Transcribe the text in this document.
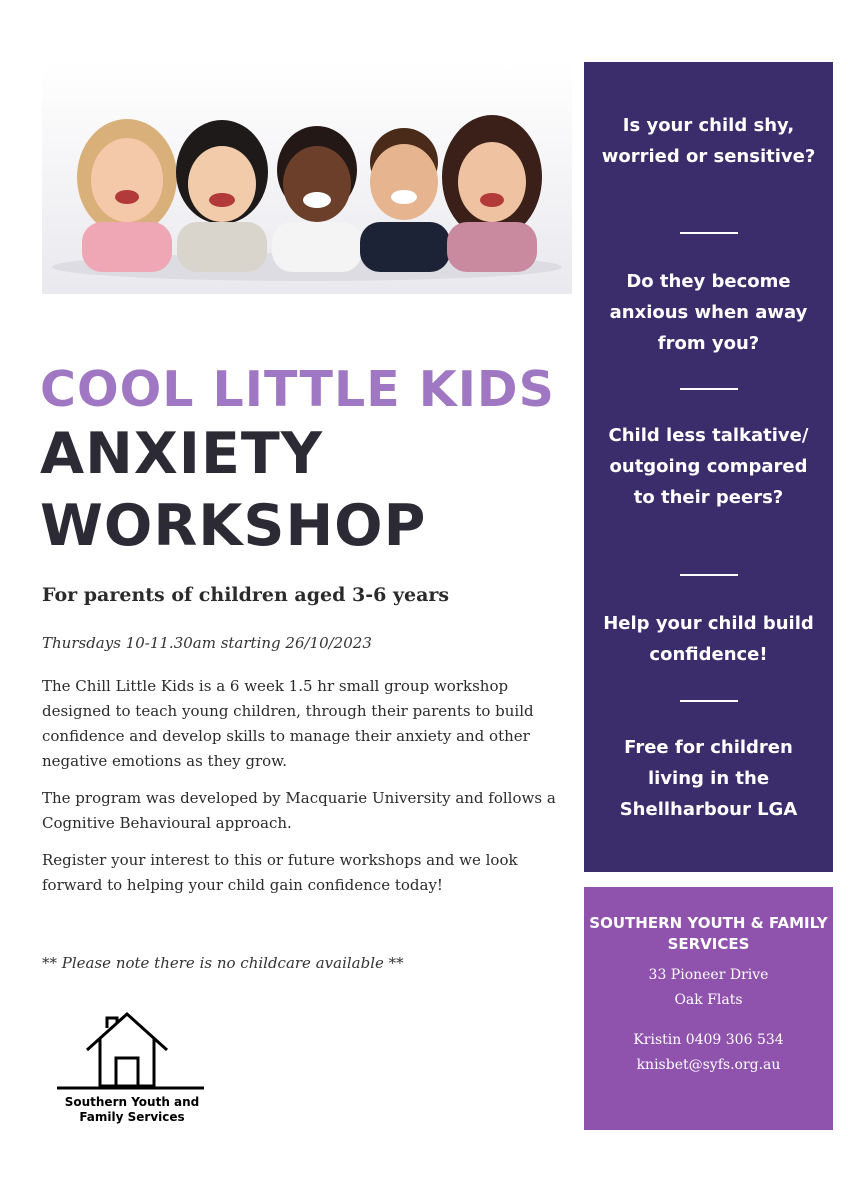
COOL LITTLE KIDS
ANXIETY
WORKSHOP

For parents of children aged 3-6 years

Thursdays 10-11.30am starting 26/10/2023

The Chill Little Kids is a 6 week 1.5 hr small group workshop designed to teach young children, through their parents to build confidence and develop skills to manage their anxiety and other negative emotions as they grow.

The program was developed by Macquarie University and follows a Cognitive Behavioural approach.

Register your interest to this or future workshops and we look forward to helping your child gain confidence today!

** Please note there is no childcare available **

Southern Youth and
Family Services

Is your child shy, worried or sensitive?

Do they become anxious when away from you?

Child less talkative/ outgoing compared to their peers?

Help your child build confidence!

Free for children living in the Shellharbour LGA

SOUTHERN YOUTH & FAMILY SERVICES

33 Pioneer Drive

Oak Flats

Kristin 0409 306 534

knisbet@syfs.org.au
